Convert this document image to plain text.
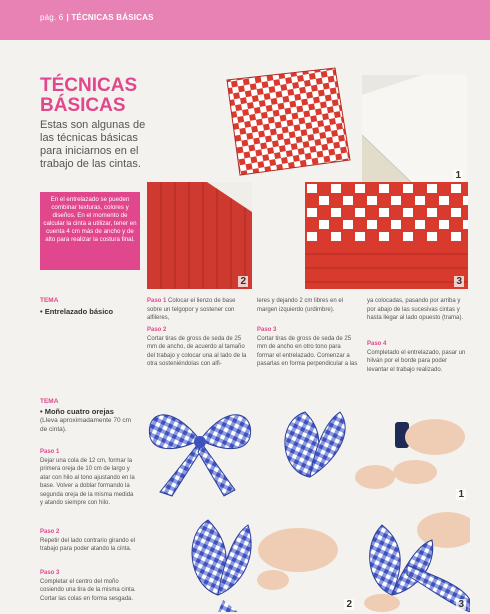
pág. 6 | TÉCNICAS BÁSICAS
TÉCNICAS
BÁSICAS
Estas son algunas de las técnicas básicas para iniciarnos en el trabajo de las cintas.
En el entrelazado se pueden combinar texturas, colores y diseños. En el momento de calcular la cinta a utilizar, tener en cuenta 4 cm más de ancho y de alto para realizar la costura final.
1
2	3
TEMA
• Entrelazado básico
Paso 1 Colocar el lienzo de base sobre un telgopor y sostener con alfileres,
Paso 2
Cortar tiras de gross de seda de 25 mm de ancho, de acuerdo al tamaño del trabajo y colocar una al lado de la otra sosteniéndolas con alfi-
leres y dejando 2 cm libres en el margen izquierdo (urdimbre).
Paso 3
Cortar tiras de gross de seda de 25 mm de ancho en otro tono para formar el entrelazado. Comenzar a pasarlas en forma perpendicular a las
ya colocadas, pasando por arriba y por abajo de las sucesivas cintas y hasta llegar al lado opuesto (trama).
Paso 4
Completado el entrelazado, pasar un hilván por el borde para poder levantar el trabajo realizado.
TEMA
• Moño cuatro orejas
(Lleva aproximadamente 70 cm de cinta).
Paso 1
Dejar una cola de 12 cm, formar la primera oreja de 10 cm de largo y atar con hilo al tono ajustando en la base. Volver a doblar formando la segunda oreja de la misma medida y atando siempre con hilo.
Paso 2
Repetir del lado contrario girando el trabajo para poder atando la cinta.
Paso 3
Completar el centro del moño cosiendo una tira de la misma cinta. Cortar las colas en forma sesgada.
1
2	3
